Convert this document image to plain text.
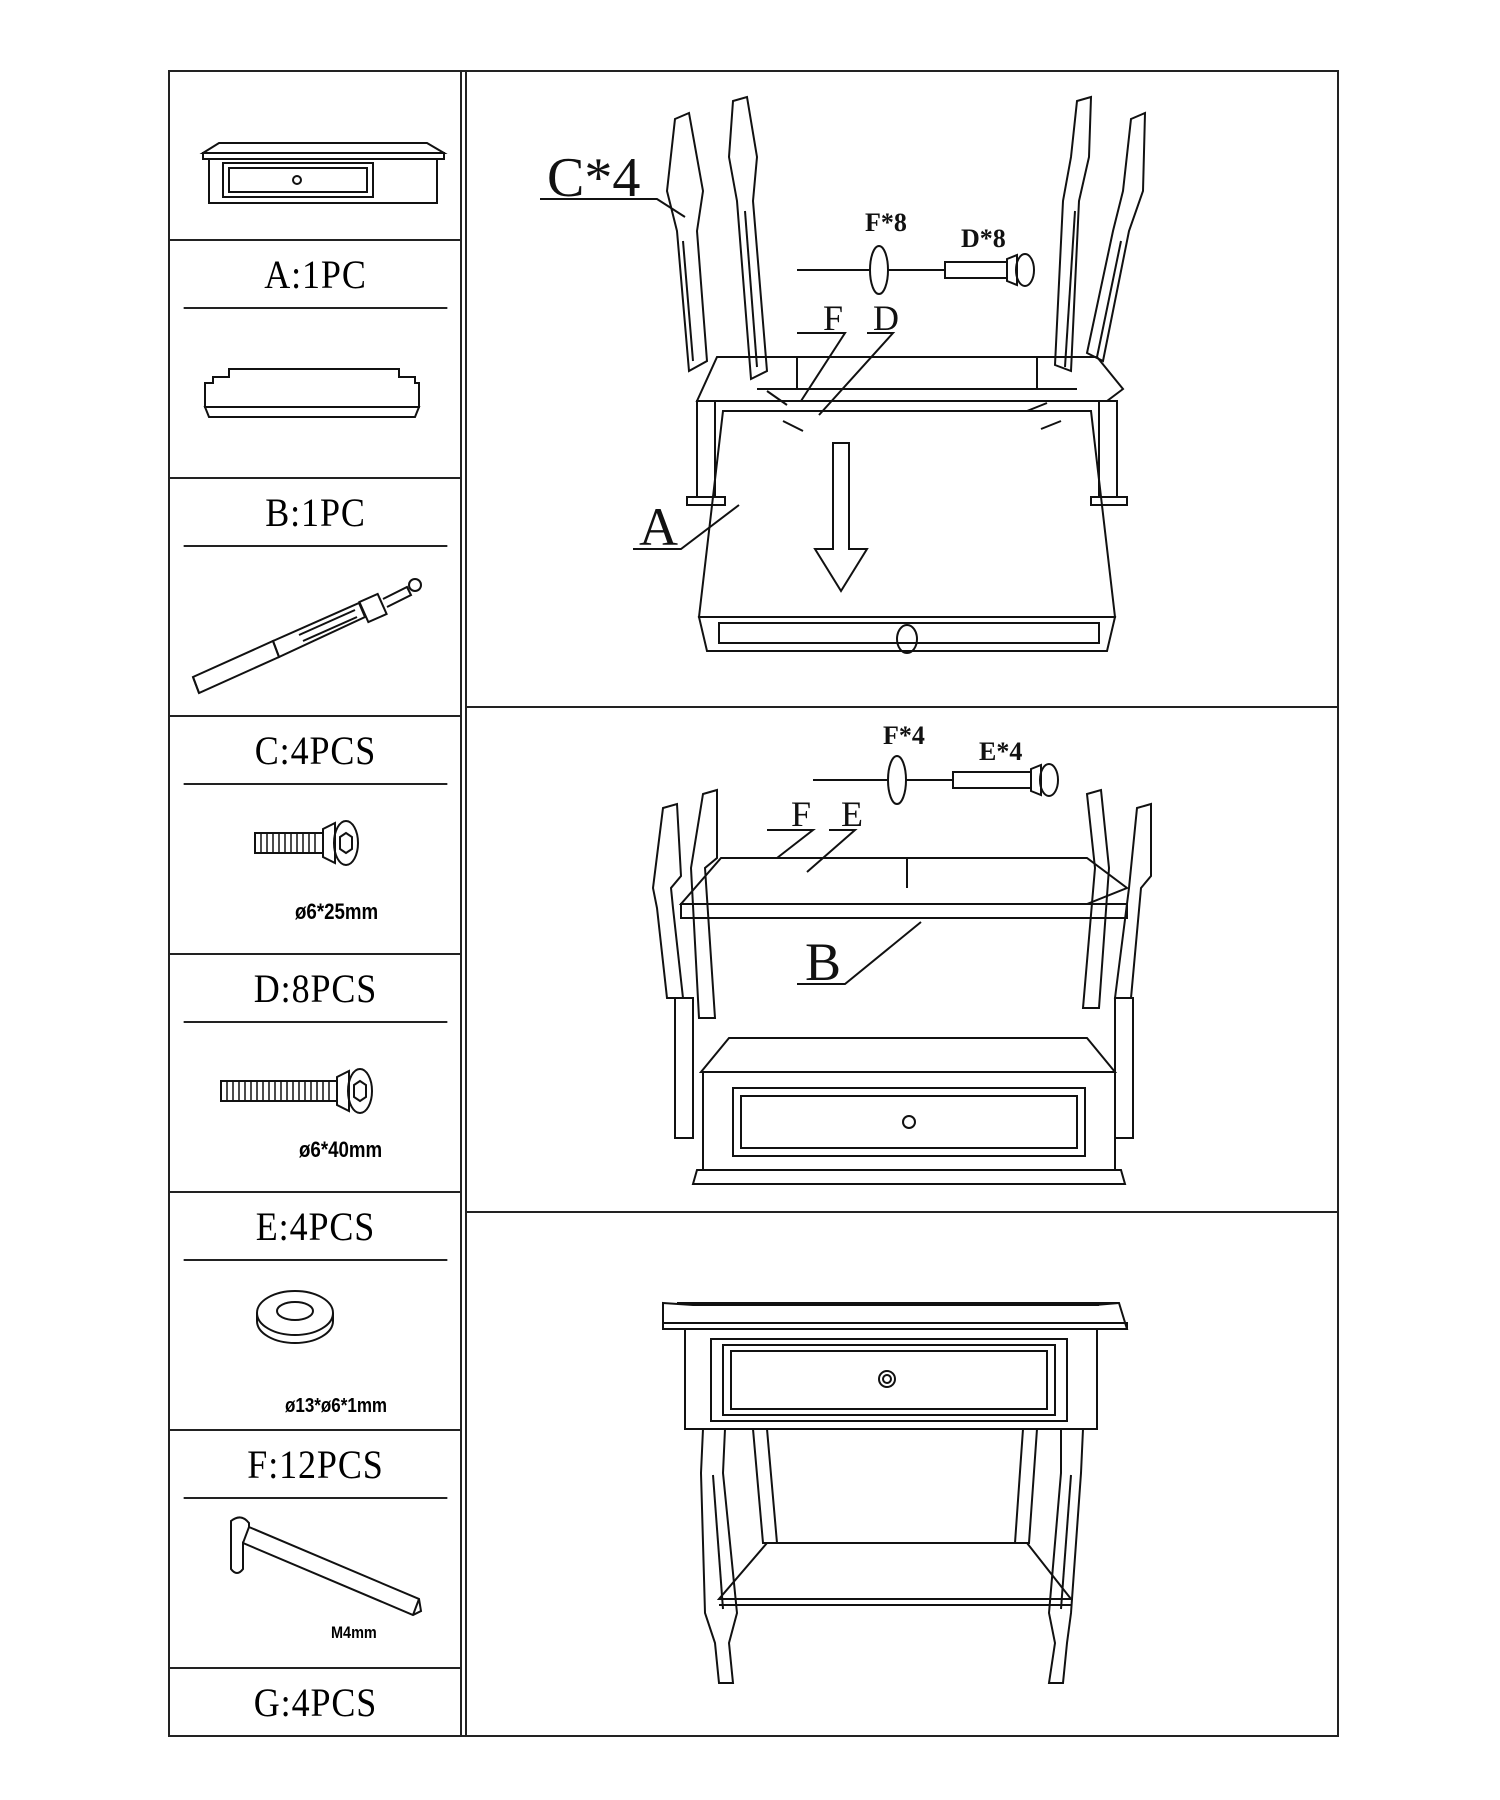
A:1PC
B:1PC
C:4PCS
ø6*25mm
D:8PCS
ø6*40mm
E:4PCS
ø13*ø6*1mm
F:12PCS
M4mm
G:4PCS
C*4
F*8
D*8
F D
A
F*4
E*4
F E
B
